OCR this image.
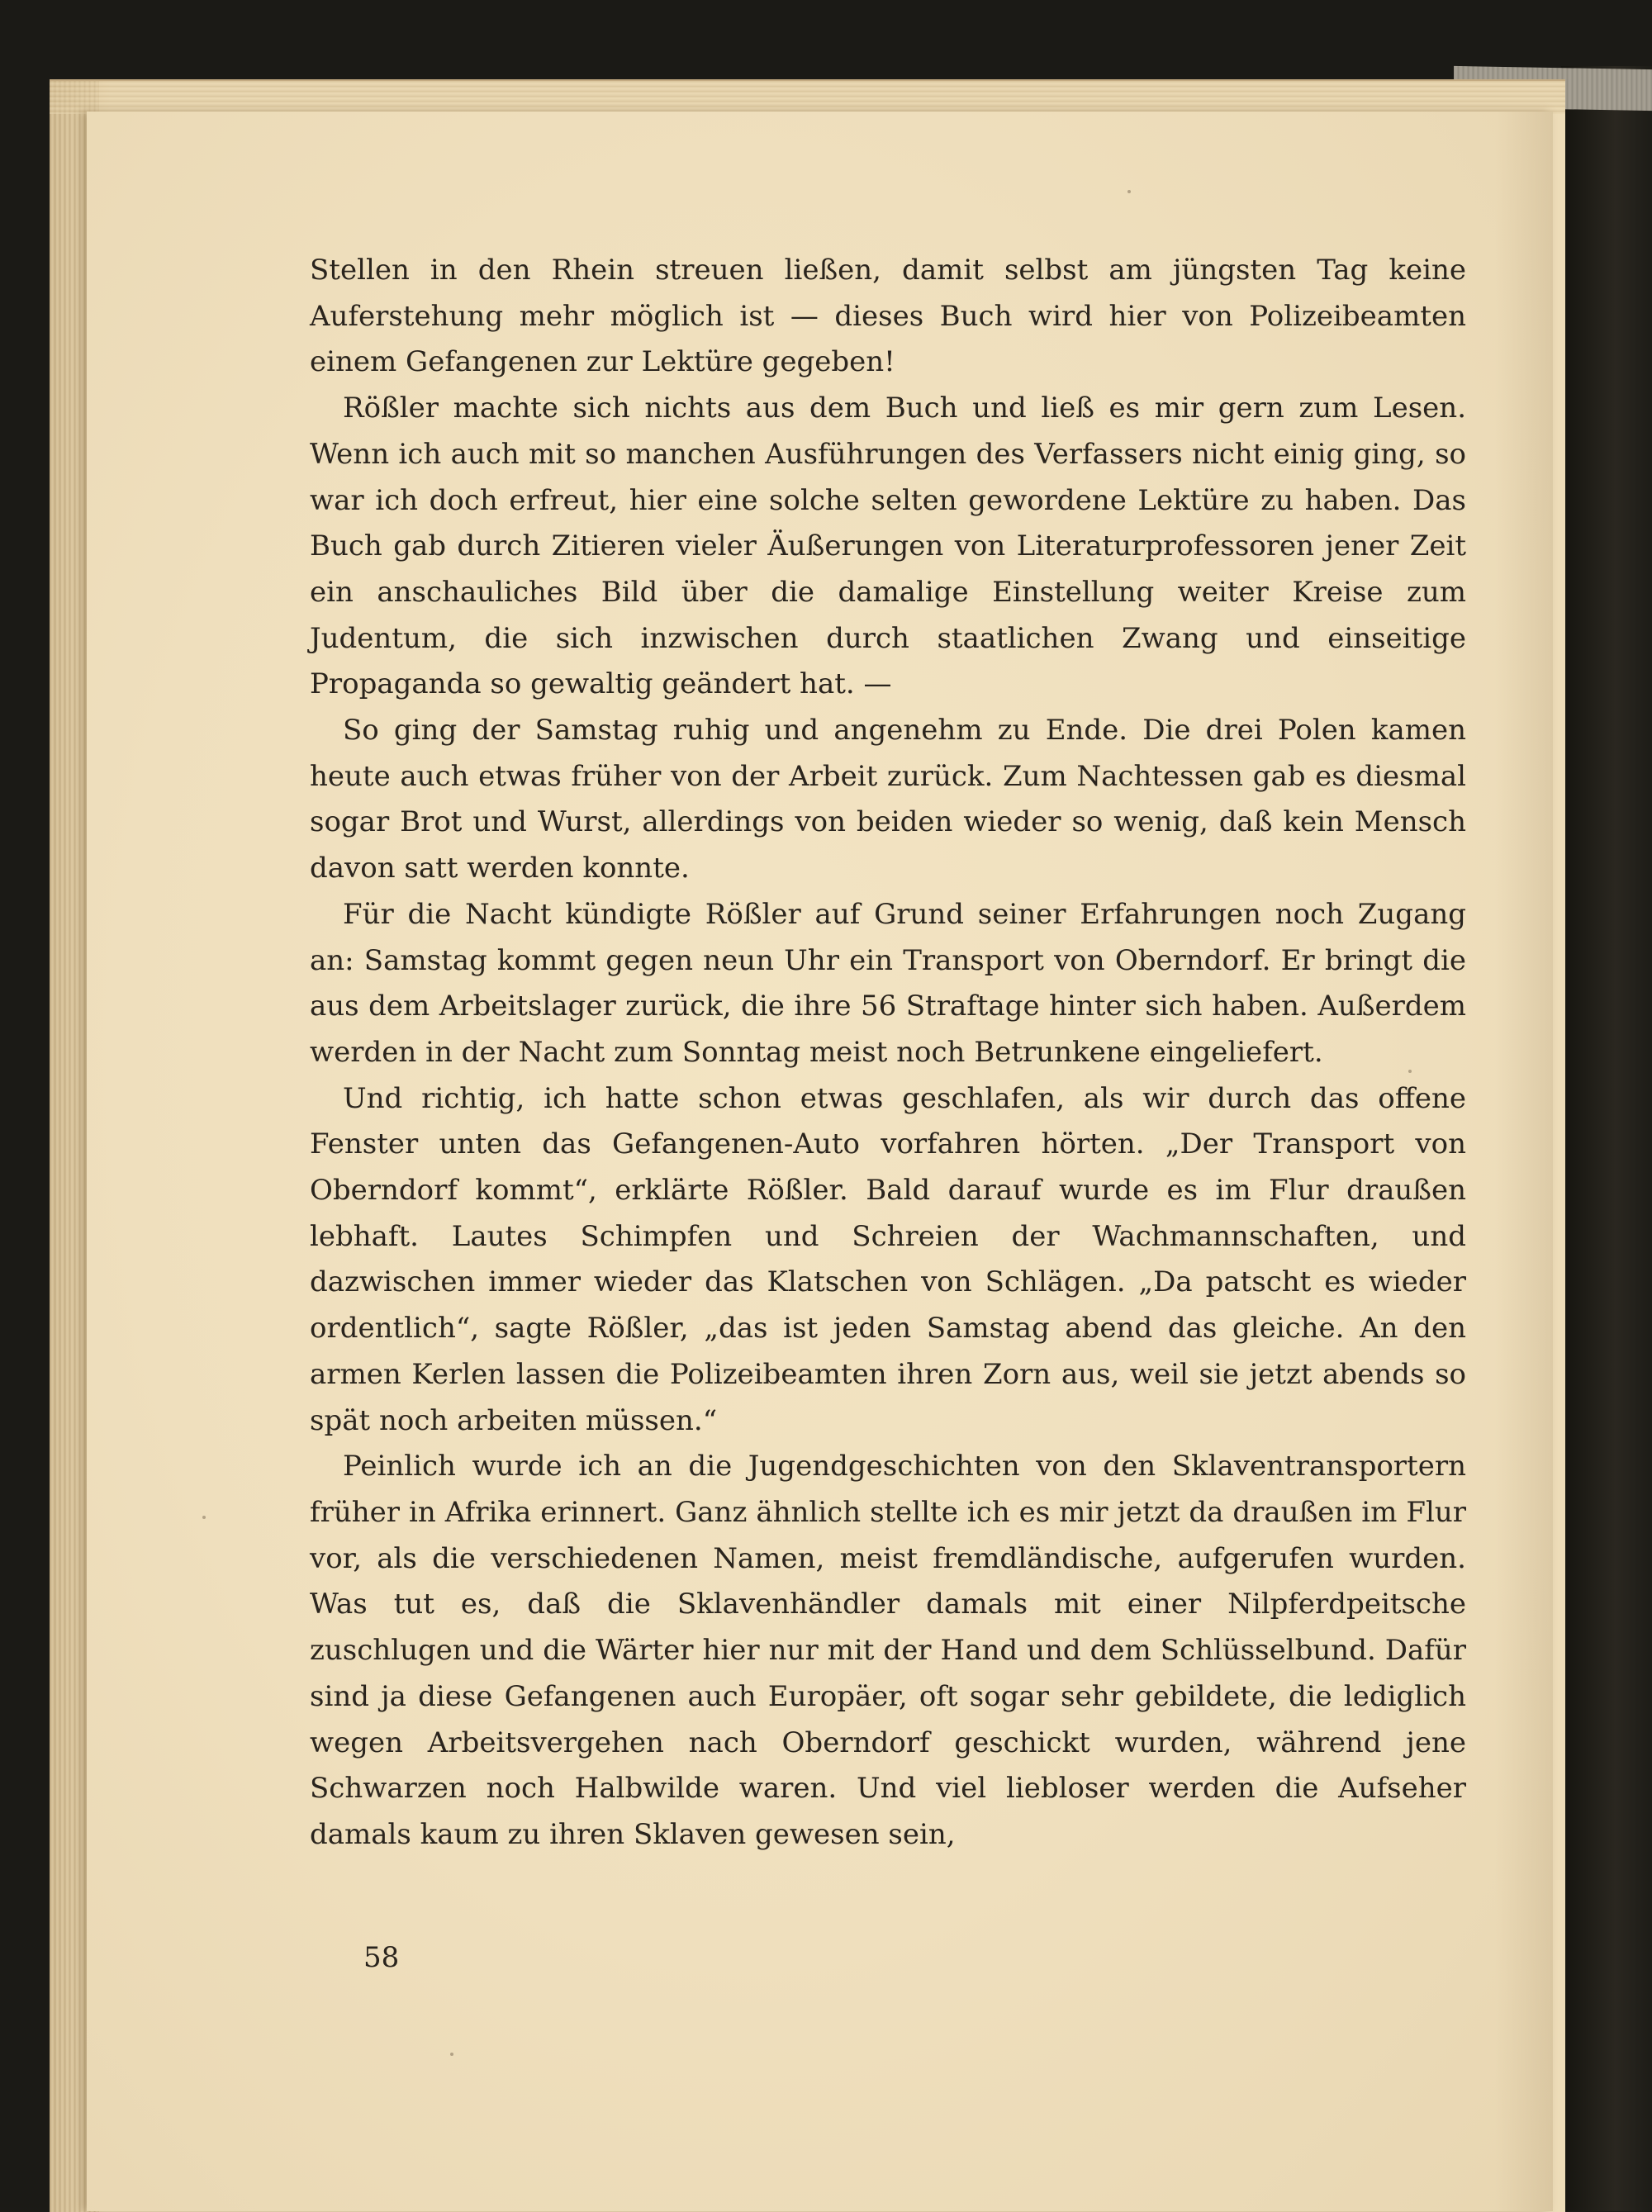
Stellen in den Rhein streuen ließen, damit selbst am jüngsten Tag keine Auferstehung mehr möglich ist — dieses Buch wird hier von Polizeibeamten einem Gefangenen zur Lektüre gegeben!

Rößler machte sich nichts aus dem Buch und ließ es mir gern zum Lesen. Wenn ich auch mit so manchen Ausführungen des Verfassers nicht einig ging, so war ich doch erfreut, hier eine solche selten gewordene Lektüre zu haben. Das Buch gab durch Zitieren vieler Äußerungen von Literaturprofessoren jener Zeit ein anschauliches Bild über die damalige Einstellung weiter Kreise zum Judentum, die sich inzwischen durch staatlichen Zwang und einseitige Propaganda so gewaltig geändert hat. —

So ging der Samstag ruhig und angenehm zu Ende. Die drei Polen kamen heute auch etwas früher von der Arbeit zurück. Zum Nachtessen gab es diesmal sogar Brot und Wurst, allerdings von beiden wieder so wenig, daß kein Mensch davon satt werden konnte.

Für die Nacht kündigte Rößler auf Grund seiner Erfahrungen noch Zugang an: Samstag kommt gegen neun Uhr ein Transport von Oberndorf. Er bringt die aus dem Arbeitslager zurück, die ihre 56 Straftage hinter sich haben. Außerdem werden in der Nacht zum Sonntag meist noch Betrunkene eingeliefert.

Und richtig, ich hatte schon etwas geschlafen, als wir durch das offene Fenster unten das Gefangenen-Auto vorfahren hörten. „Der Transport von Oberndorf kommt“, erklärte Rößler. Bald darauf wurde es im Flur draußen lebhaft. Lautes Schimpfen und Schreien der Wachmannschaften, und dazwischen immer wieder das Klatschen von Schlägen. „Da patscht es wieder ordentlich“, sagte Rößler, „das ist jeden Samstag abend das gleiche. An den armen Kerlen lassen die Polizeibeamten ihren Zorn aus, weil sie jetzt abends so spät noch arbeiten müssen.“

Peinlich wurde ich an die Jugendgeschichten von den Sklaventransportern früher in Afrika erinnert. Ganz ähnlich stellte ich es mir jetzt da draußen im Flur vor, als die verschiedenen Namen, meist fremdländische, aufgerufen wurden. Was tut es, daß die Sklavenhändler damals mit einer Nilpferdpeitsche zuschlugen und die Wärter hier nur mit der Hand und dem Schlüsselbund. Dafür sind ja diese Gefangenen auch Europäer, oft sogar sehr gebildete, die lediglich wegen Arbeitsvergehen nach Oberndorf geschickt wurden, während jene Schwarzen noch Halbwilde waren. Und viel liebloser werden die Aufseher damals kaum zu ihren Sklaven gewesen sein,

58
